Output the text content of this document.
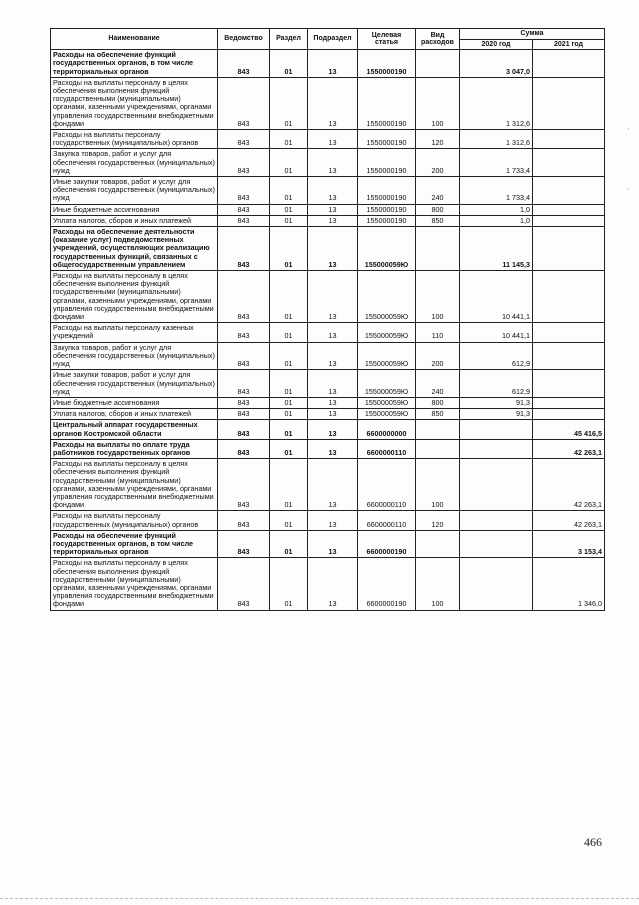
Наименование	Ведомство	Раздел	Подраздел	Целевая статья	Вид расходов	Сумма	
						2020 год	2021 год
Расходы на обеспечение функций государственных органов, в том числе территориальных органов	843	01	13	1550000190		3 047,0	
Расходы на выплаты персоналу в целях обеспечения выполнения функций государственными (муниципальными) органами, казенными учреждениями, органами управления государственными внебюджетными фондами	843	01	13	1550000190	100	1 312,6	
Расходы на выплаты персоналу государственных (муниципальных) органов	843	01	13	1550000190	120	1 312,6	
Закупка товаров, работ и услуг для обеспечения государственных (муниципальных) нужд	843	01	13	1550000190	200	1 733,4	
Иные закупки товаров, работ и услуг для обеспечения государственных (муниципальных) нужд	843	01	13	1550000190	240	1 733,4	
Иные бюджетные ассигнования	843	01	13	1550000190	800	1,0	
Уплата налогов, сборов и иных платежей	843	01	13	1550000190	850	1,0	
Расходы на обеспечение деятельности (оказание услуг) подведомственных учреждений, осуществляющих реализацию государственных функций, связанных с общегосударственным управлением	843	01	13	155000059Ю		11 145,3	
Расходы на выплаты персоналу в целях обеспечения выполнения функций государственными (муниципальными) органами, казенными учреждениями, органами управления государственными внебюджетными фондами	843	01	13	155000059Ю	100	10 441,1	
Расходы на выплаты персоналу казенных учреждений	843	01	13	155000059Ю	110	10 441,1	
Закупка товаров, работ и услуг для обеспечения государственных (муниципальных) нужд	843	01	13	155000059Ю	200	612,9	
Иные закупки товаров, работ и услуг для обеспечения государственных (муниципальных) нужд	843	01	13	155000059Ю	240	612,9	
Иные бюджетные ассигнования	843	01	13	155000059Ю	800	91,3	
Уплата налогов, сборов и иных платежей	843	01	13	155000059Ю	850	91,3	
Центральный аппарат государственных органов Костромской области	843	01	13	6600000000			45 416,5
Расходы на выплаты по оплате труда работников государственных органов	843	01	13	6600000110			42 263,1
Расходы на выплаты персоналу в целях обеспечения выполнения функций государственными (муниципальными) органами, казенными учреждениями, органами управления государственными внебюджетными фондами	843	01	13	6600000110	100		42 263,1
Расходы на выплаты персоналу государственных (муниципальных) органов	843	01	13	6600000110	120		42 263,1
Расходы на обеспечение функций государственных органов, в том числе территориальных органов	843	01	13	6600000190			3 153,4
Расходы на выплаты персоналу в целях обеспечения выполнения функций государственными (муниципальными) органами, казенными учреждениями, органами управления государственными внебюджетными фондами	843	01	13	6600000190	100		1 346,0
,
,
466
